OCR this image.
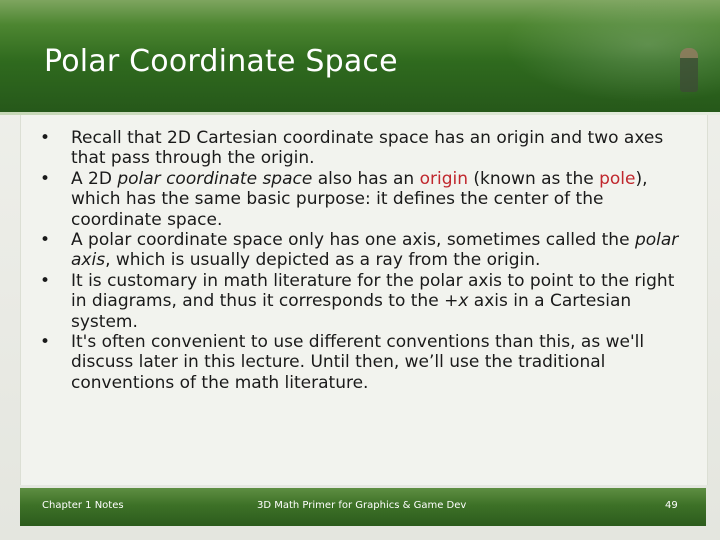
Polar Coordinate Space
• Recall that 2D Cartesian coordinate space has an origin and two axes that pass through the origin.
• A 2D polar coordinate space also has an origin (known as the pole), which has the same basic purpose: it defines the center of the coordinate space.
• A polar coordinate space only has one axis, sometimes called the polar axis, which is usually depicted as a ray from the origin.
• It is customary in math literature for the polar axis to point to the right in diagrams, and thus it corresponds to the +x axis in a Cartesian system.
• It's often convenient to use different conventions than this, as we'll discuss later in this lecture. Until then, we’ll use the traditional conventions of the math literature.
Chapter 1 Notes	3D Math Primer for Graphics & Game Dev	49
